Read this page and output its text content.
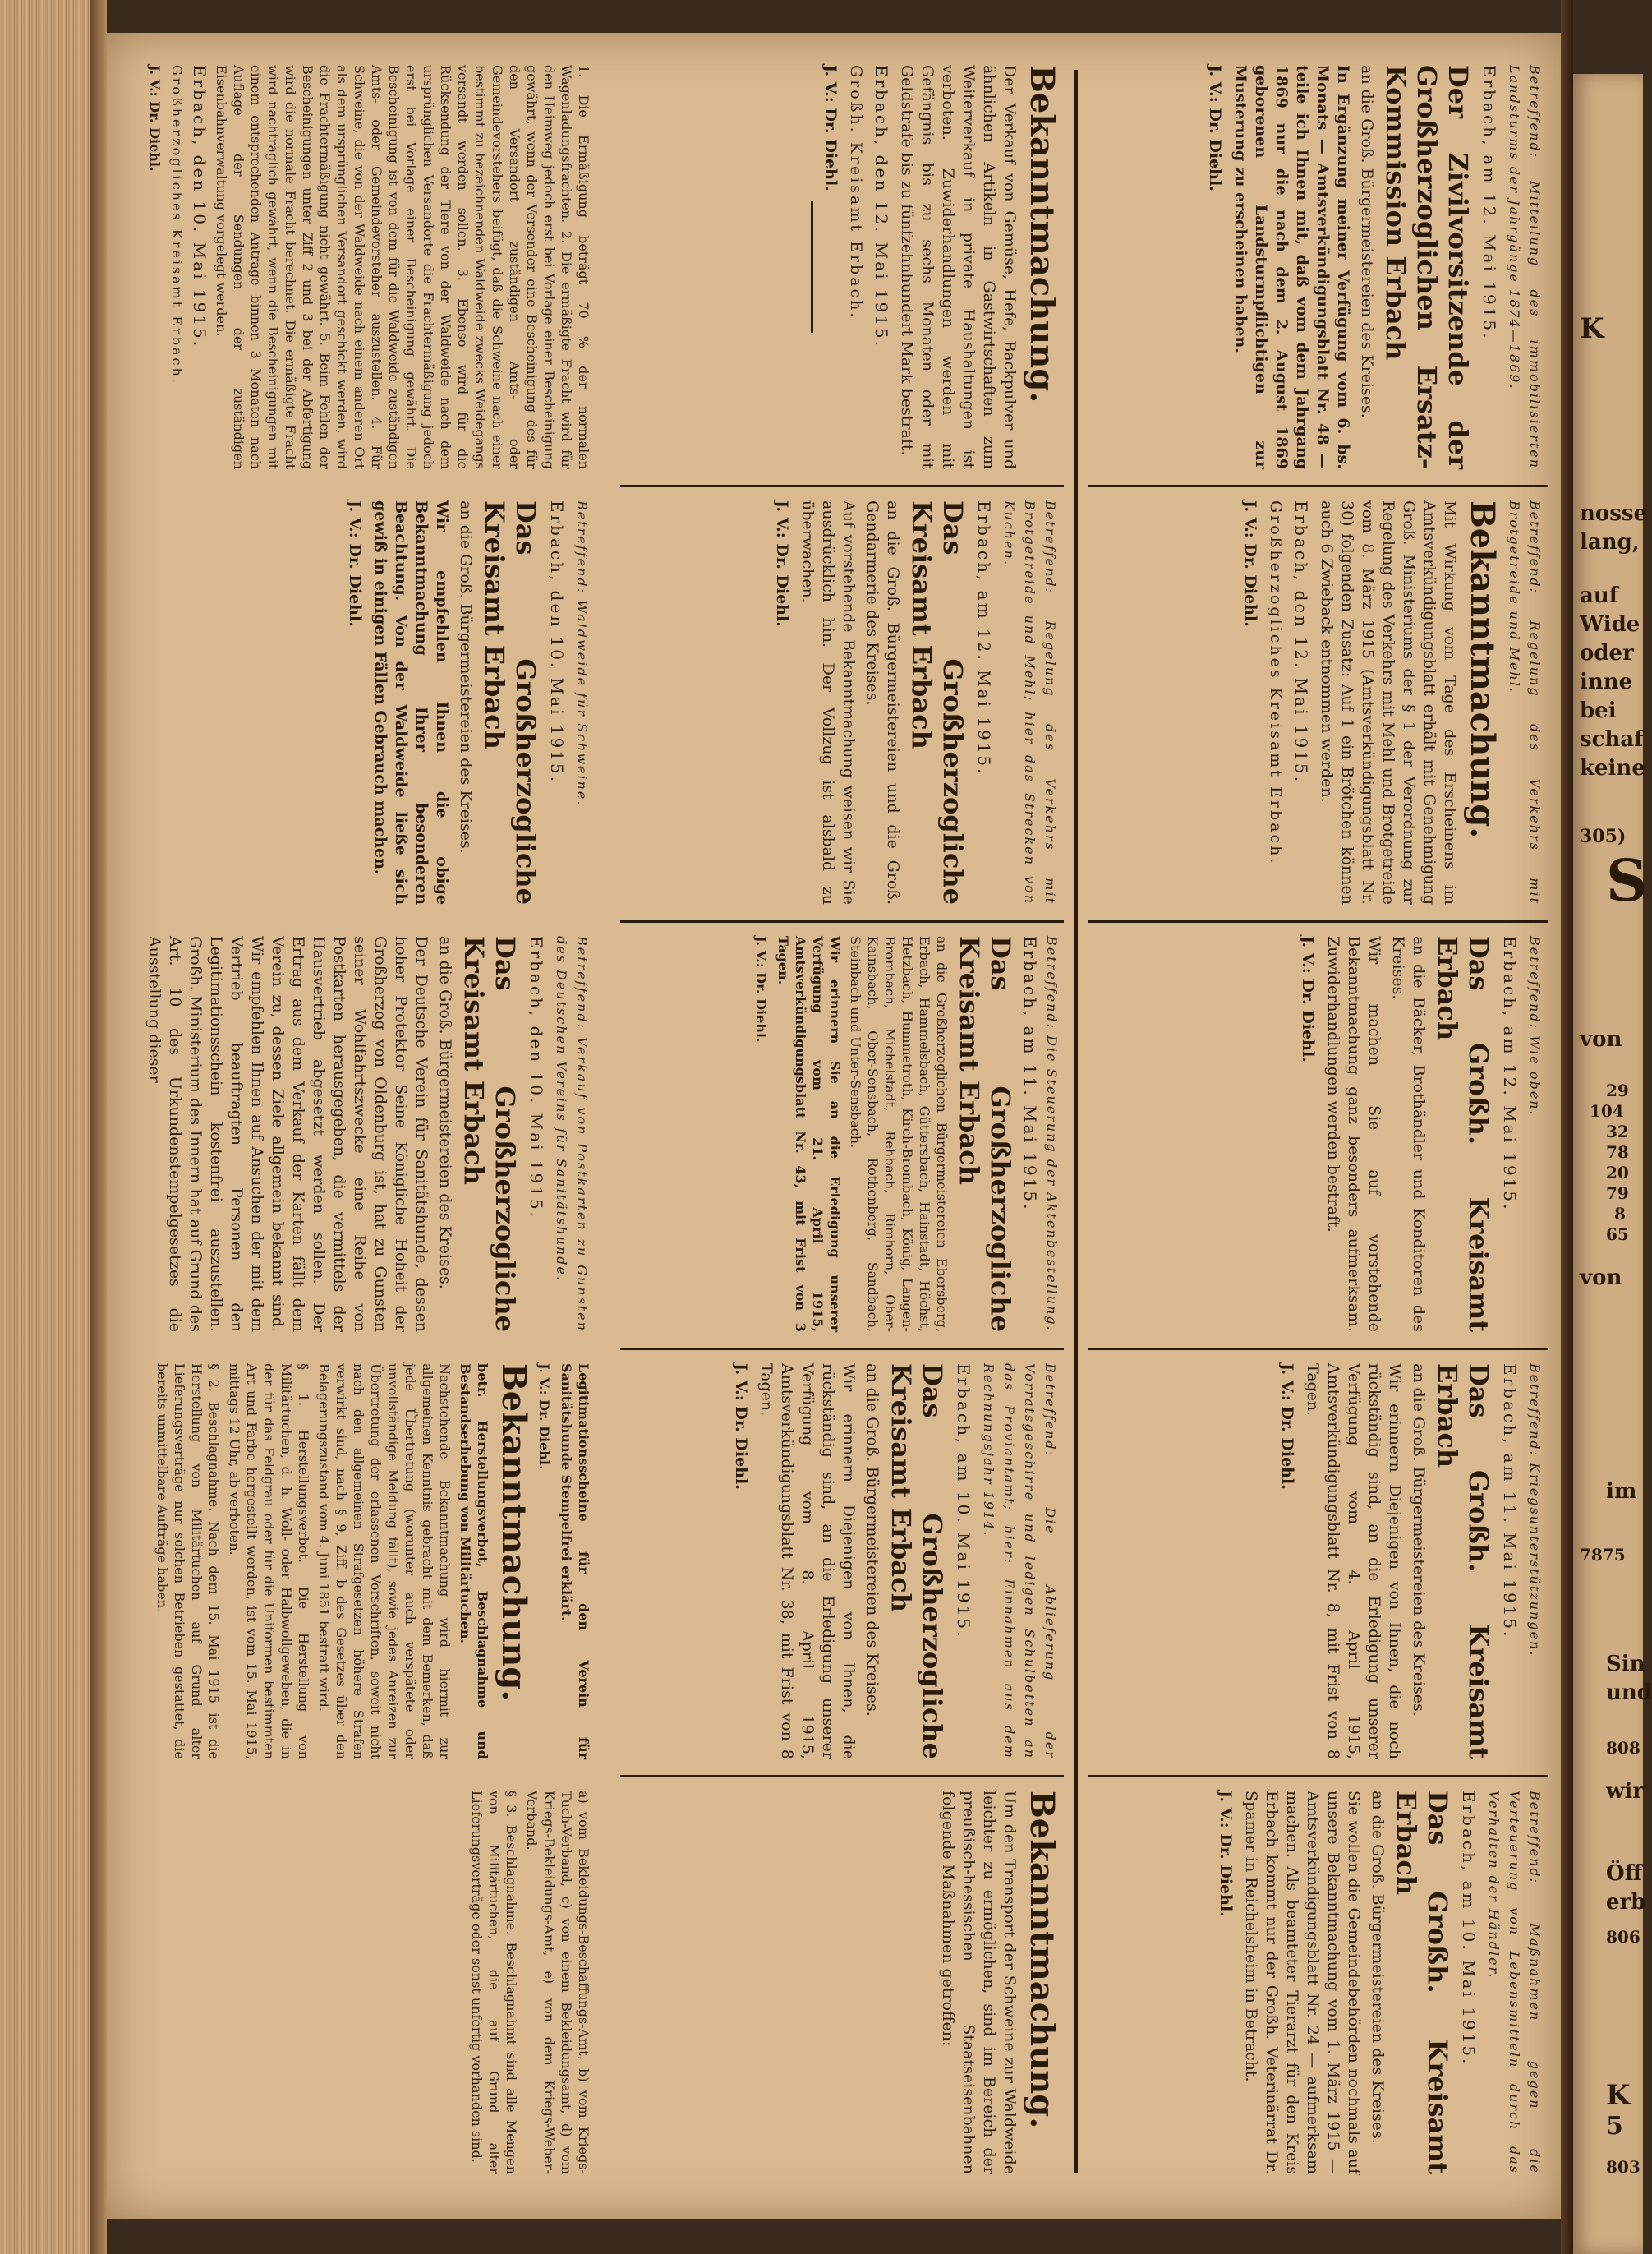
Betreffend: Mitteilung des immobilisierten Landsturms der Jahrgänge 1874—1869.

Erbach, am 12. Mai 1915.

Der Zivilvorsitzende der Großherzoglichen Ersatz-Kommission Erbach

an die Groß. Bürgermeistereien des Kreises.

In Ergänzung meiner Verfügung vom 6. bs. Monats — Amtsverkündigungsblatt Nr. 48 — teile ich Ihnen mit, daß vom dem Jahrgang 1869 nur die nach dem 2. August 1869 geborenen Landsturmpflichtigen zur Musterung zu erscheinen haben.

J. V.: Dr. Diehl.

Betreffend: Regelung des Verkehrs mit Brotgetreide und Mehl.

Bekanntmachung.

Mit Wirkung vom Tage des Erscheinens im Amtsverkündigungsblatt erhält mit Genehmigung Groß. Ministeriums der § 1 der Verordnung zur Regelung des Verkehrs mit Mehl und Brotgetreide vom 8. März 1915 (Amtsverkündigungsblatt Nr. 30) folgenden Zusatz: Auf 1 ein Brötchen können auch 6 Zwieback entnommen werden.

Erbach, den 12. Mai 1915.

Großherzogliches Kreisamt Erbach.

J. V.: Dr. Diehl.

Betreffend: Wie oben.

Erbach, am 12. Mai 1915.

Das Großh. Kreisamt Erbach

an die Bäcker, Brothändler und Konditoren des Kreises.

Wir machen Sie auf vorstehende Bekanntmachung ganz besonders aufmerksam. Zuwiderhandlungen werden bestraft.

J. V.: Dr. Diehl.

Betreffend: Kriegsunterstützungen.

Erbach, am 11. Mai 1915.

Das Großh. Kreisamt Erbach

an die Groß. Bürgermeistereien des Kreises.

Wir erinnern Diejenigen von Ihnen, die noch rückständig sind, an die Erledigung unserer Verfügung vom 4. April 1915, Amtsverkündigungsblatt Nr. 8, mit Frist von 8 Tagen.

J. V.: Dr. Diehl.

Betreffend: Maßnahmen gegen die Verteuerung von Lebensmitteln durch das Verhalten der Händler.

Erbach, am 10. Mai 1915.

Das Großh. Kreisamt Erbach

an die Groß. Bürgermeistereien des Kreises.

Sie wollen die Gemeindebehörden nochmals auf unsere Bekanntmachung vom 1. März 1915 — Amtsverkündigungsblatt Nr. 24 — aufmerksam machen. Als beamteter Tierarzt für den Kreis Erbach kommt nur der Großh. Veterinärrat Dr. Spamer in Reichelsheim in Betracht.

J. V.: Dr. Diehl.

Bekanntmachung.

Der Verkauf von Gemüse, Hefe, Backpulver und ähnlichen Artikeln in Gastwirtschaften zum Weiterverkauf in private Haushaltungen ist verboten. Zuwiderhandlungen werden mit Gefängnis bis zu sechs Monaten oder mit Geldstrafe bis zu fünfzehnhundert Mark bestraft.

Erbach, den 12. Mai 1915.

Großh. Kreisamt Erbach.

J. V.: Dr. Diehl.

Betreffend: Regelung des Verkehrs mit Brotgetreide und Mehl; hier das Strecken von Kuchen.

Erbach, am 12. Mai 1915.

Das Großherzogliche Kreisamt Erbach

an die Groß. Bürgermeistereien und die Groß. Gendarmerie des Kreises.

Auf vorstehende Bekanntmachung weisen wir Sie ausdrücklich hin. Der Vollzug ist alsbald zu überwachen.

J. V.: Dr. Diehl.

Betreffend: Die Steuerung der Aktenbestellung.

Erbach, am 11. Mai 1915.

Das Großherzogliche Kreisamt Erbach

an die Großherzoglichen Bürgermeistereien Ebersberg, Erbach, Hammelsbach, Güttersbach, Hainstadt, Höchst, Hetzbach, Hummetroth, Kirch-Brombach, König, Langen-Brombach, Michelstadt, Rehbach, Rimhorn, Ober-Kainsbach, Ober-Sensbach, Rothenberg, Sandbach, Steinbach und Unter-Sensbach.

Wir erinnern Sie an die Erledigung unserer Verfügung vom 21. April 1915, Amtsverkündigungsblatt Nr. 43, mit Frist von 3 Tagen.

J. V.: Dr. Diehl.

Betreffend: Die Ablieferung der Vorratsgeschirre und ledigen Schulbetten an das Proviantamt; hier: Einnahmen aus dem Rechnungsjahr 1914.

Erbach, am 10. Mai 1915.

Das Großherzogliche Kreisamt Erbach

an die Groß. Bürgermeistereien des Kreises.

Wir erinnern Diejenigen von Ihnen, die rückständig sind, an die Erledigung unserer Verfügung vom 8. April 1915, Amtsverkündigungsblatt Nr. 38, mit Frist von 8 Tagen.

J. V.: Dr. Diehl.

Bekanntmachung.

Um den Transport der Schweine zur Waldweide leichter zu ermöglichen, sind im Bereich der preußisch-hessischen Staatseisenbahnen folgende Maßnahmen getroffen:

1. Die Ermäßigung beträgt 70 % der normalen Wagenladungsfrachten. 2. Die ermäßigte Fracht wird für den Heimweg jedoch erst bei Vorlage einer Bescheinigung gewährt, wenn der Versender eine Bescheinigung des für den Versandort zuständigen Amts- oder Gemeindevorstehers beifügt, daß die Schweine nach einer bestimmt zu bezeichnenden Waldweide zwecks Weidegangs versandt werden sollen. 3. Ebenso wird für die Rücksendung der Tiere von der Waldweide nach dem ursprünglichen Versandorte die Frachtermäßigung jedoch erst bei Vorlage einer Bescheinigung gewährt. Die Bescheinigung ist von dem für die Waldweide zuständigen Amts- oder Gemeindevorsteher auszustellen. 4. Für Schweine, die von der Waldweide nach einem anderen Ort als dem ursprünglichen Versandort geschickt werden, wird die Frachtermäßigung nicht gewährt. 5. Beim Fehlen der Bescheinigungen unter Ziff 2 und 3 bei der Abfertigung wird die normale Fracht berechnet. Die ermäßigte Fracht wird nachträglich gewährt, wenn die Bescheinigungen mit einem entsprechenden Antrage binnen 3 Monaten nach Auflage der Sendungen der zuständigen Eisenbahnverwaltung vorgelegt werden.

Erbach, den 10. Mai 1915.

Großherzogliches Kreisamt Erbach.

J. V.: Dr. Diehl.

Betreffend: Waldweide für Schweine.

Erbach, den 10. Mai 1915.

Das Großherzogliche Kreisamt Erbach

an die Groß. Bürgermeistereien des Kreises.

Wir empfehlen Ihnen die obige Bekanntmachung Ihrer besonderen Beachtung. Von der Waldweide ließe sich gewiß in einigen Fällen Gebrauch machen.

J. V.: Dr. Diehl.

Betreffend: Verkauf von Postkarten zu Gunsten des Deutschen Vereins für Sanitätshunde.

Erbach, den 10. Mai 1915.

Das Großherzogliche Kreisamt Erbach

an die Groß. Bürgermeistereien des Kreises.

Der Deutsche Verein für Sanitätshunde, dessen hoher Protektor Seine Königliche Hoheit der Großherzog von Oldenburg ist, hat zu Gunsten seiner Wohlfahrtszwecke eine Reihe von Postkarten herausgegeben, die vermittels der Hausvertrieb abgesetzt werden sollen. Der Ertrag aus dem Verkauf der Karten fällt dem Verein zu, dessen Ziele allgemein bekannt sind. Wir empfehlen Ihnen auf Ansuchen der mit dem Vertrieb beauftragten Personen den Legitimationsschein kostenfrei auszustellen. Großh. Ministerium des Innern hat auf Grund des Art. 10 des Urkundenstempelgesetzes die Ausstellung dieser

Legitimationsscheine für den Verein für Sanitätshunde Stempelfrei erklärt.

J. V.: Dr. Diehl.

Bekanntmachung.

betr. Herstellungsverbot, Beschlagnahme und Bestandserhebung von Militärtuchen.

Nachstehende Bekanntmachung wird hiermit zur allgemeinen Kenntnis gebracht mit dem Bemerken, daß jede Übertretung (worunter auch verspätete oder unvollständige Meldung fällt), sowie jedes Anreizen zur Übertretung der erlassenen Vorschriften, soweit nicht nach den allgemeinen Strafgesetzen höhere Strafen verwirkt sind, nach § 9, Ziff. b des Gesetzes über den Belagerungszustand vom 4. Juni 1851 bestraft wird.

§ 1. Herstellungsverbot. Die Herstellung von Militärtuchen, d. h. Woll- oder Halbwollgeweben, die in der für das Feldgrau oder für die Uniformen bestimmten Art und Farbe hergestellt werden, ist vom 15. Mai 1915, mittags 12 Uhr, ab verboten.

§ 2. Beschlagnahme. Nach dem 15. Mai 1915 ist die Herstellung von Militärtuchen auf Grund alter Lieferungsverträge nur solchen Betrieben gestattet, die bereits unmittelbare Aufträge haben.

a) vom Bekleidungs-Beschaffungs-Amt, b) vom Kriegs-Tuch-Verband, c) von einem Bekleidungsamt, d) vom Kriegs-Bekleidungs-Amt, e) von dem Kriegs-Weber-Verband.

§ 3. Beschlagnahme. Beschlagnahmt sind alle Mengen von Militärtuchen, die auf Grund alter Lieferungsverträge oder sonst unfertig vorhanden sind.

K
nosse
lang,
auf
Wide
oder
inne
bei
schaf
keine
305)
S
von
29
104
32
78
20
79
8
65
von
im
7875
Sin
und
808
wir
Öff
erb
806
K
5
803
